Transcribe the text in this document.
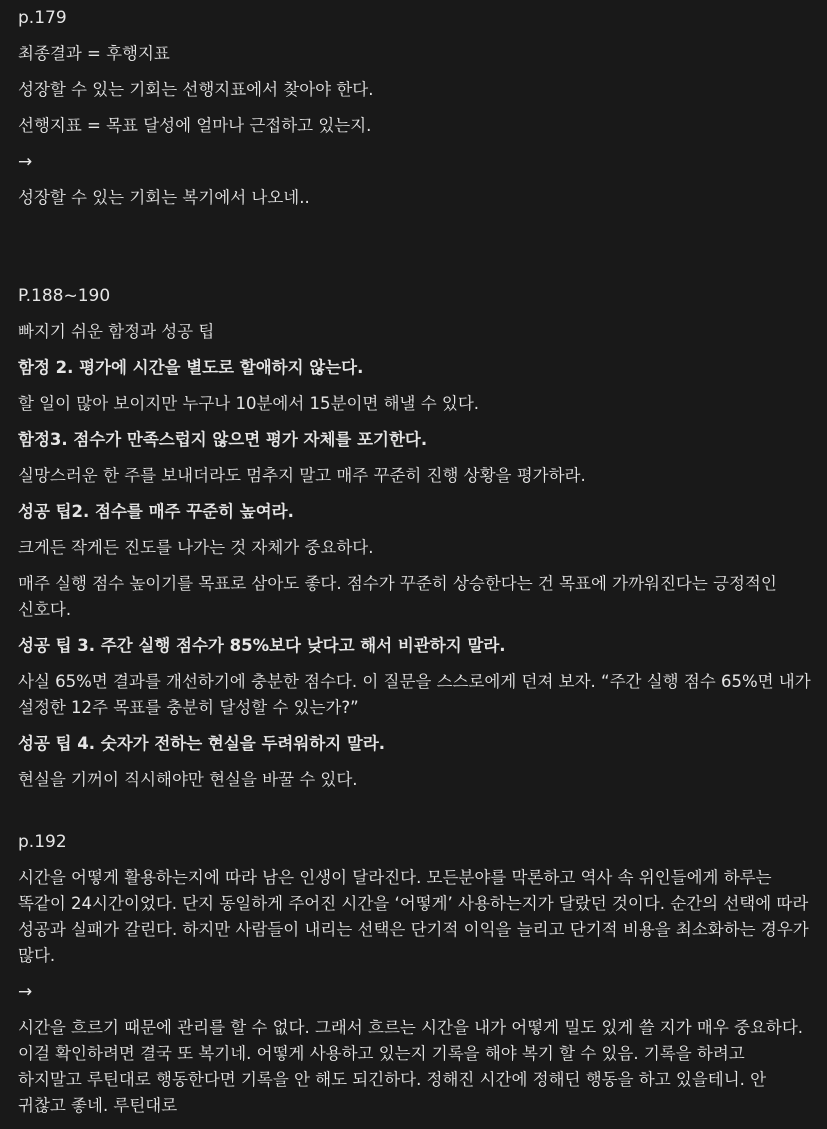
p.179
최종결과 = 후행지표
성장할 수 있는 기회는 선행지표에서 찾아야 한다.
선행지표 = 목표 달성에 얼마나 근접하고 있는지.
→
성장할 수 있는 기회는 복기에서 나오네..
P.188~190
빠지기 쉬운 함정과 성공 팁
함정 2. 평가에 시간을 별도로 할애하지 않는다.
할 일이 많아 보이지만 누구나 10분에서 15분이면 해낼 수 있다.
함정3. 점수가 만족스럽지 않으면 평가 자체를 포기한다.
실망스러운 한 주를 보내더라도 멈추지 말고 매주 꾸준히 진행 상황을 평가하라.
성공 팁2. 점수를 매주 꾸준히 높여라.
크게든 작게든 진도를 나가는 것 자체가 중요하다.
매주 실행 점수 높이기를 목표로 삼아도 좋다. 점수가 꾸준히 상승한다는 건 목표에 가까워진다는 긍정적인 신호다.
성공 팁 3. 주간 실행 점수가 85%보다 낮다고 해서 비관하지 말라.
사실 65%면 결과를 개선하기에 충분한 점수다. 이 질문을 스스로에게 던져 보자. “주간 실행 점수 65%면 내가 설정한 12주 목표를 충분히 달성할 수 있는가?”
성공 팁 4. 숫자가 전하는 현실을 두려워하지 말라.
현실을 기꺼이 직시해야만 현실을 바꿀 수 있다.
p.192
시간을 어떻게 활용하는지에 따라 남은 인생이 달라진다. 모든분야를 막론하고 역사 속 위인들에게 하루는 똑같이 24시간이었다. 단지 동일하게 주어진 시간을 ‘어떻게’ 사용하는지가 달랐던 것이다. 순간의 선택에 따라 성공과 실패가 갈린다. 하지만 사람들이 내리는 선택은 단기적 이익을 늘리고 단기적 비용을 최소화하는 경우가 많다.
→
시간을 흐르기 때문에 관리를 할 수 없다. 그래서 흐르는 시간을 내가 어떻게 밀도 있게 쓸 지가 매우 중요하다. 이걸 확인하려면 결국 또 복기네. 어떻게 사용하고 있는지 기록을 해야 복기 할 수 있음. 기록을 하려고 하지말고 루틴대로 행동한다면 기록을 안 해도 되긴하다. 정해진 시간에 정해딘 행동을 하고 있을테니. 안 귀찮고 좋네. 루틴대로
